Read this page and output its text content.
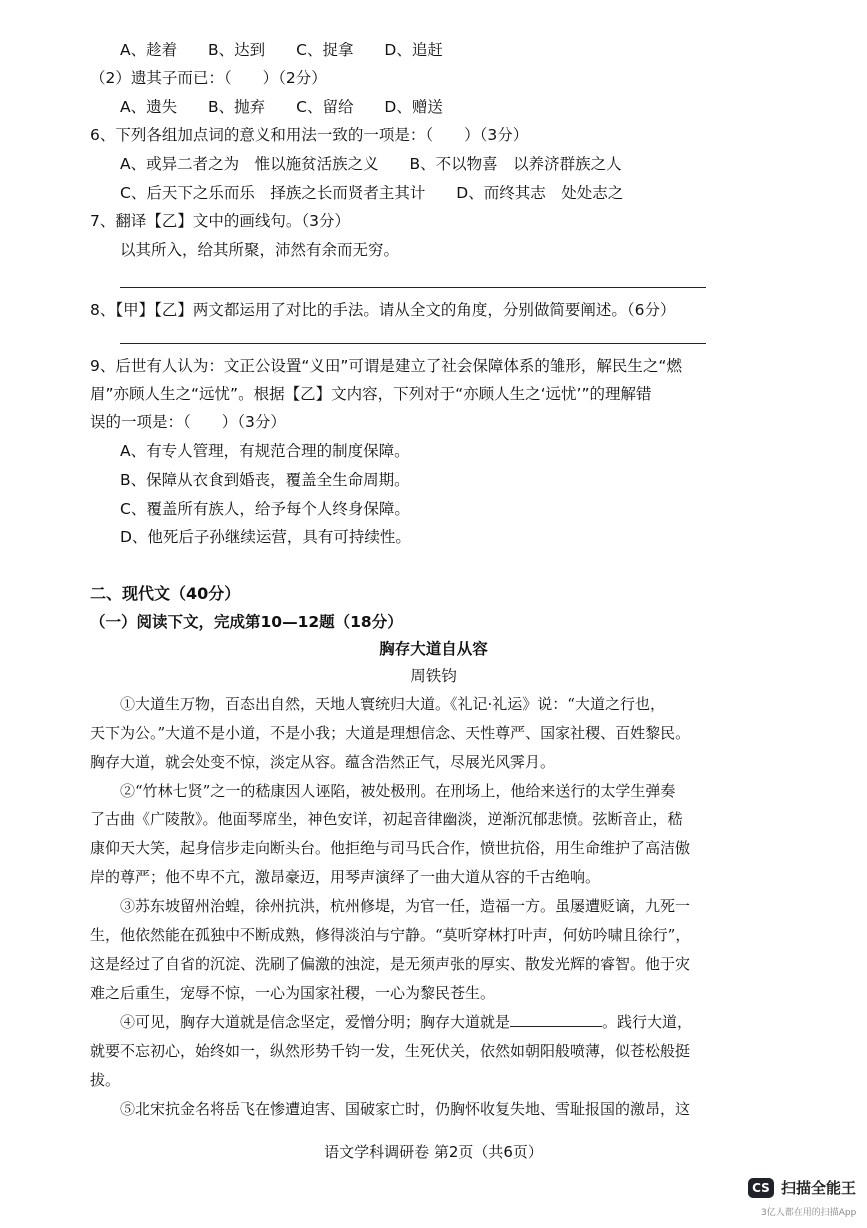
A、趁着 B、达到 C、捉拿 D、追赶
（2）遗其子而已：（　　）（2分）
A、遗失 B、抛弃 C、留给 D、赠送
6、下列各组加点词的意义和用法一致的一项是：（　　）（3分）
A、或异二者之为　惟以施贫活族之义 B、不以物喜　以养济群族之人
C、后天下之乐而乐　择族之长而贤者主其计 D、而终其志　处处志之
7、翻译【乙】文中的画线句。（3分）
以其所入，给其所聚，沛然有余而无穷。
8、【甲】【乙】两文都运用了对比的手法。请从全文的角度，分别做简要阐述。（6分）
9、后世有人认为：文正公设置“义田”可谓是建立了社会保障体系的雏形，解民生之“燃
眉”亦顾人生之“远忧”。根据【乙】文内容，下列对于“亦顾人生之‘远忧’”的理解错
误的一项是：（　　）（3分）
A、有专人管理，有规范合理的制度保障。
B、保障从衣食到婚丧，覆盖全生命周期。
C、覆盖所有族人，给予每个人终身保障。
D、他死后子孙继续运营，具有可持续性。
二、现代文（40分）
（一）阅读下文，完成第10—12题（18分）
胸存大道自从容
周铁钧
①大道生万物，百态出自然，天地人寰统归大道。《礼记·礼运》说：“大道之行也，
天下为公。”大道不是小道，不是小我；大道是理想信念、天性尊严、国家社稷、百姓黎民。
胸存大道，就会处变不惊，淡定从容。蕴含浩然正气，尽展光风霁月。
②“竹林七贤”之一的嵇康因人诬陷，被处极刑。在刑场上，他给来送行的太学生弹奏
了古曲《广陵散》。他面琴席坐，神色安详，初起音律幽淡，逆渐沉郁悲愤。弦断音止，嵇
康仰天大笑，起身信步走向断头台。他拒绝与司马氏合作，愤世抗俗，用生命维护了高洁傲
岸的尊严；他不卑不亢，激昂豪迈，用琴声演绎了一曲大道从容的千古绝响。
③苏东坡留州治蝗，徐州抗洪，杭州修堤，为官一任，造福一方。虽屡遭贬谪，九死一
生，他依然能在孤独中不断成熟，修得淡泊与宁静。“莫听穿林打叶声，何妨吟啸且徐行”，
这是经过了自省的沉淀、洗刷了偏激的浊淀，是无须声张的厚实、散发光辉的睿智。他于灾
难之后重生，宠辱不惊，一心为国家社稷，一心为黎民苍生。
④可见，胸存大道就是信念坚定，爱憎分明；胸存大道就是	。践行大道，
就要不忘初心，始终如一，纵然形势千钧一发，生死伏关，依然如朝阳般喷薄，似苍松般挺
拔。
⑤北宋抗金名将岳飞在惨遭迫害、国破家亡时，仍胸怀收复失地、雪耻报国的激昂，这
语文学科调研卷 第2页（共6页）
CS 扫描全能王
3亿人都在用的扫描App
